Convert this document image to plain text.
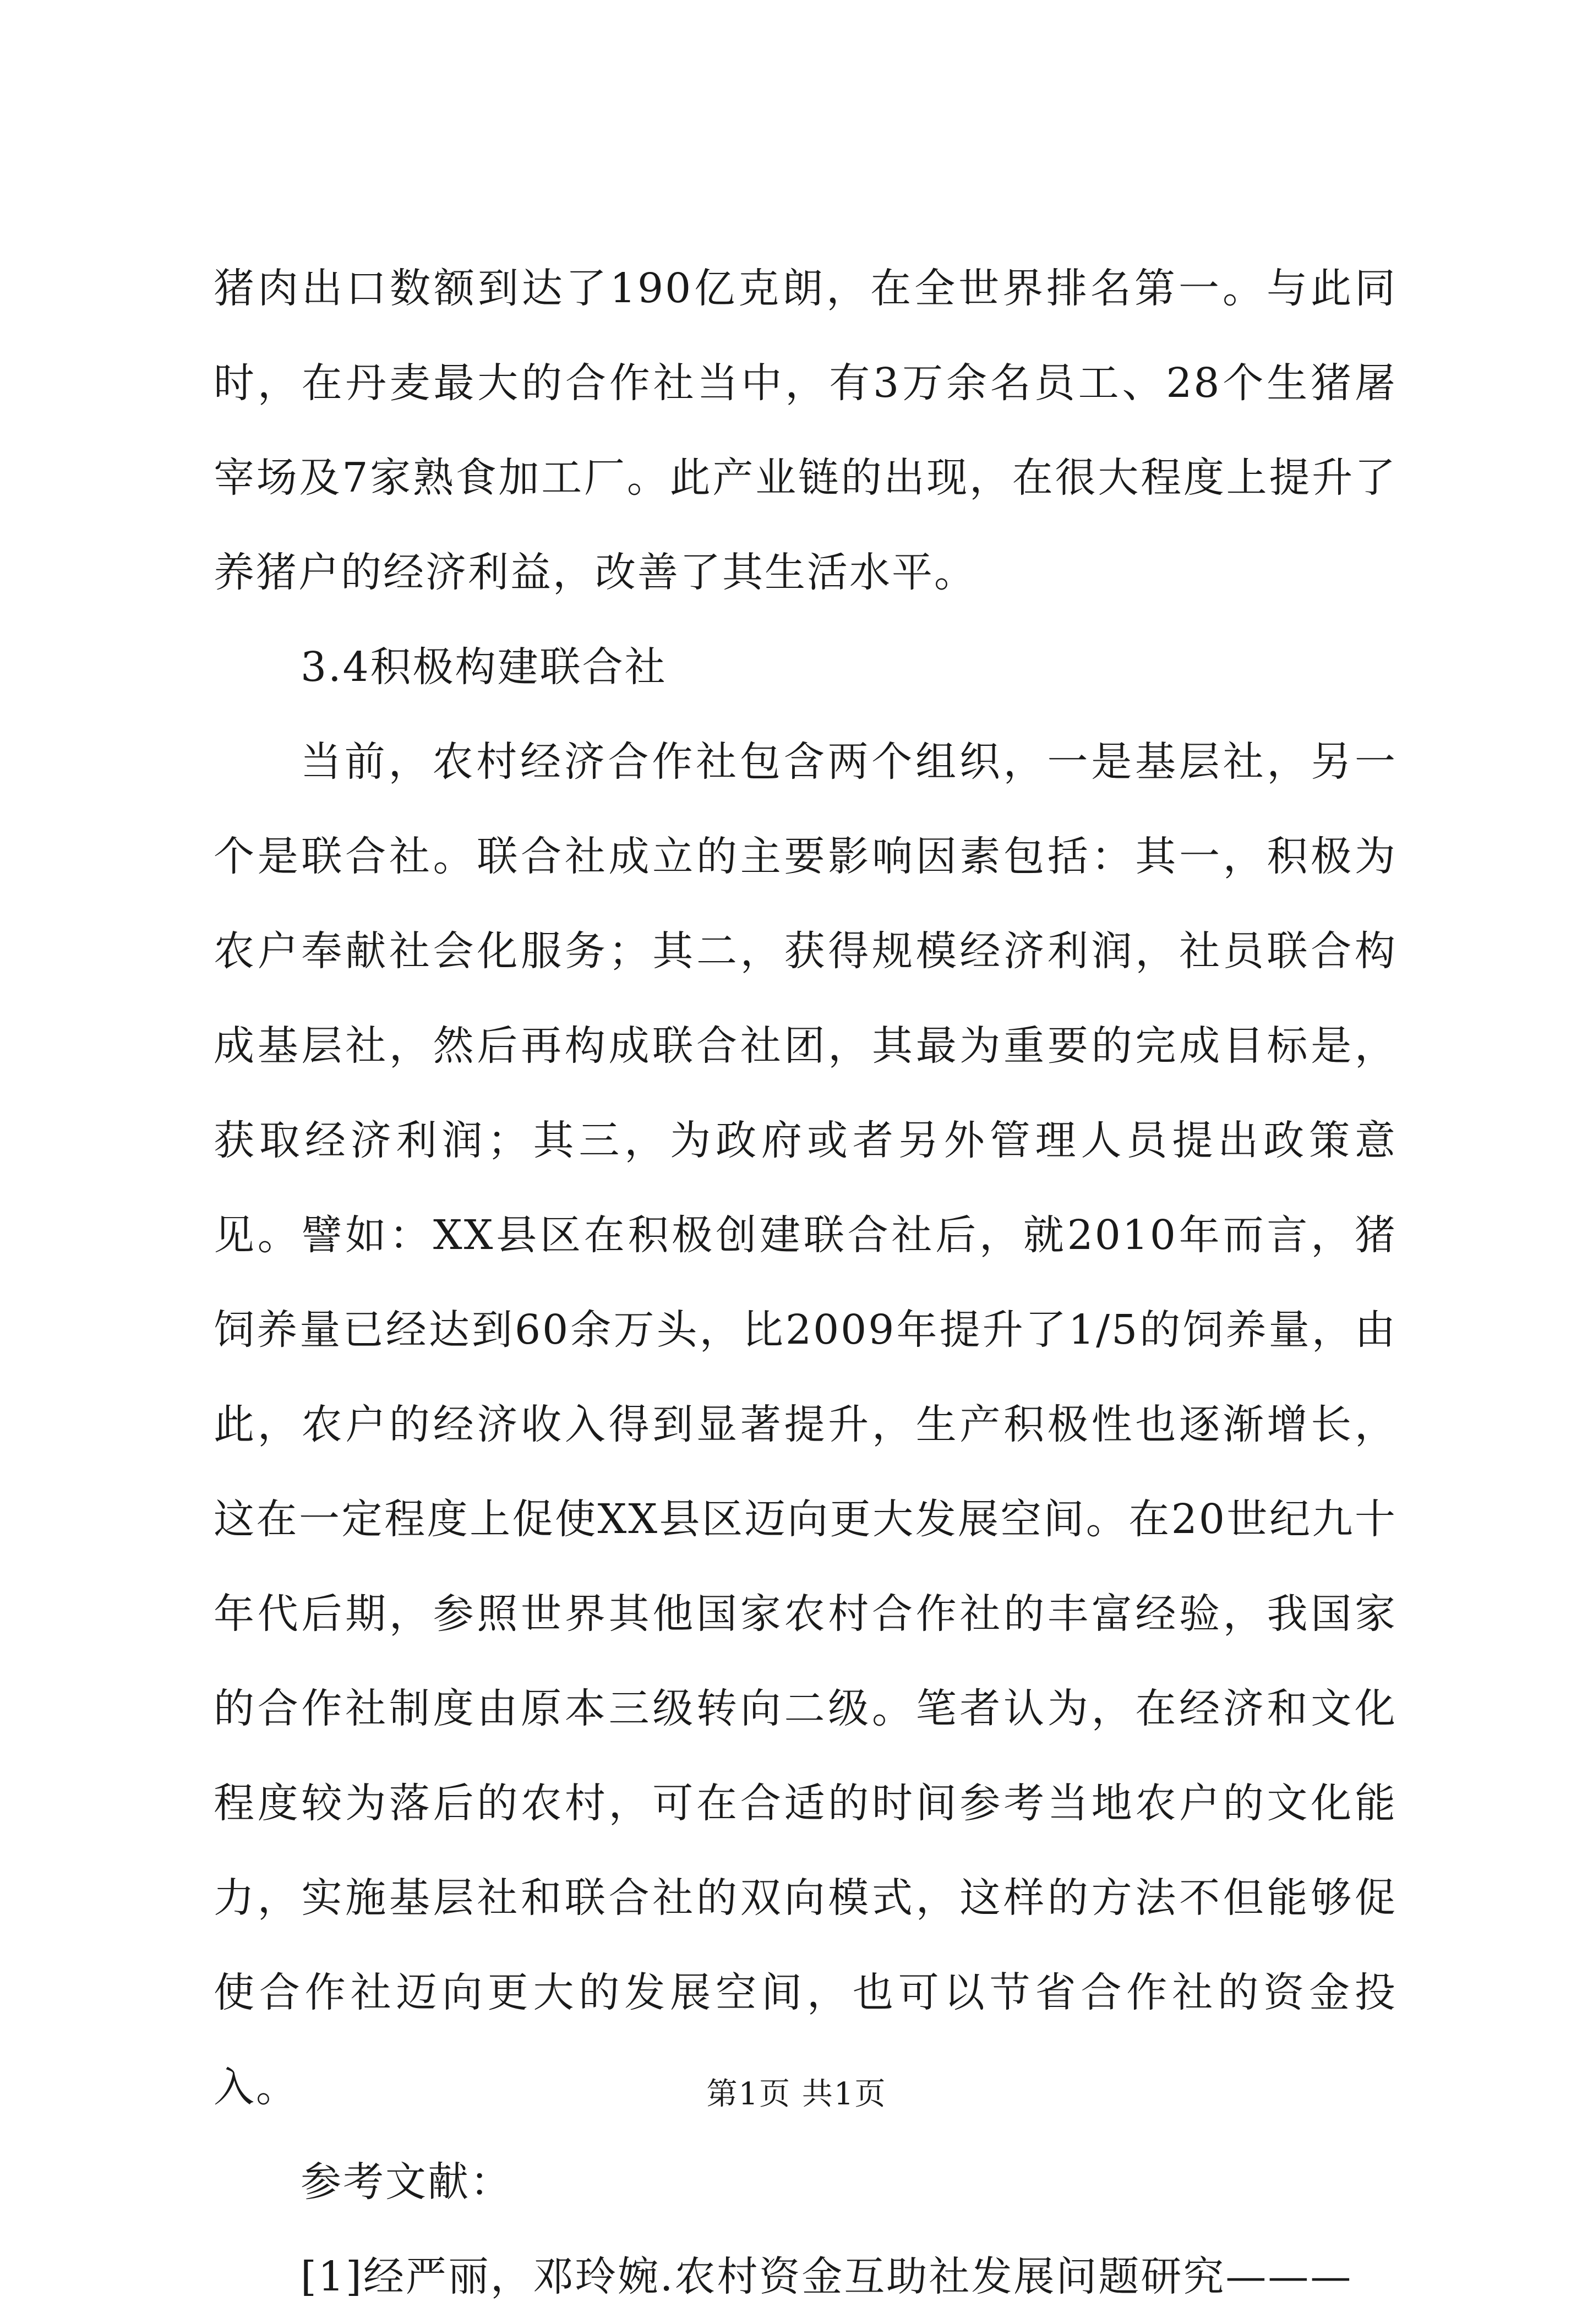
猪肉出口数额到达了190亿克朗，在全世界排名第一。与此同时，在丹麦最大的合作社当中，有3万余名员工、28个生猪屠宰场及7家熟食加工厂。此产业链的出现，在很大程度上提升了养猪户的经济利益，改善了其生活水平。

3.4积极构建联合社

当前，农村经济合作社包含两个组织，一是基层社，另一个是联合社。联合社成立的主要影响因素包括：其一，积极为农户奉献社会化服务；其二，获得规模经济利润，社员联合构成基层社，然后再构成联合社团，其最为重要的完成目标是，获取经济利润；其三，为政府或者另外管理人员提出政策意见。譬如：XX县区在积极创建联合社后，就2010年而言，猪饲养量已经达到60余万头，比2009年提升了1/5的饲养量，由此，农户的经济收入得到显著提升，生产积极性也逐渐增长，这在一定程度上促使XX县区迈向更大发展空间。在20世纪九十年代后期，参照世界其他国家农村合作社的丰富经验，我国家的合作社制度由原本三级转向二级。笔者认为，在经济和文化程度较为落后的农村，可在合适的时间参考当地农户的文化能力，实施基层社和联合社的双向模式，这样的方法不但能够促使合作社迈向更大的发展空间，也可以节省合作社的资金投入。

参考文献：

[1]经严丽，邓玲婉.农村资金互助社发展问题研究———

第1页 共1页
